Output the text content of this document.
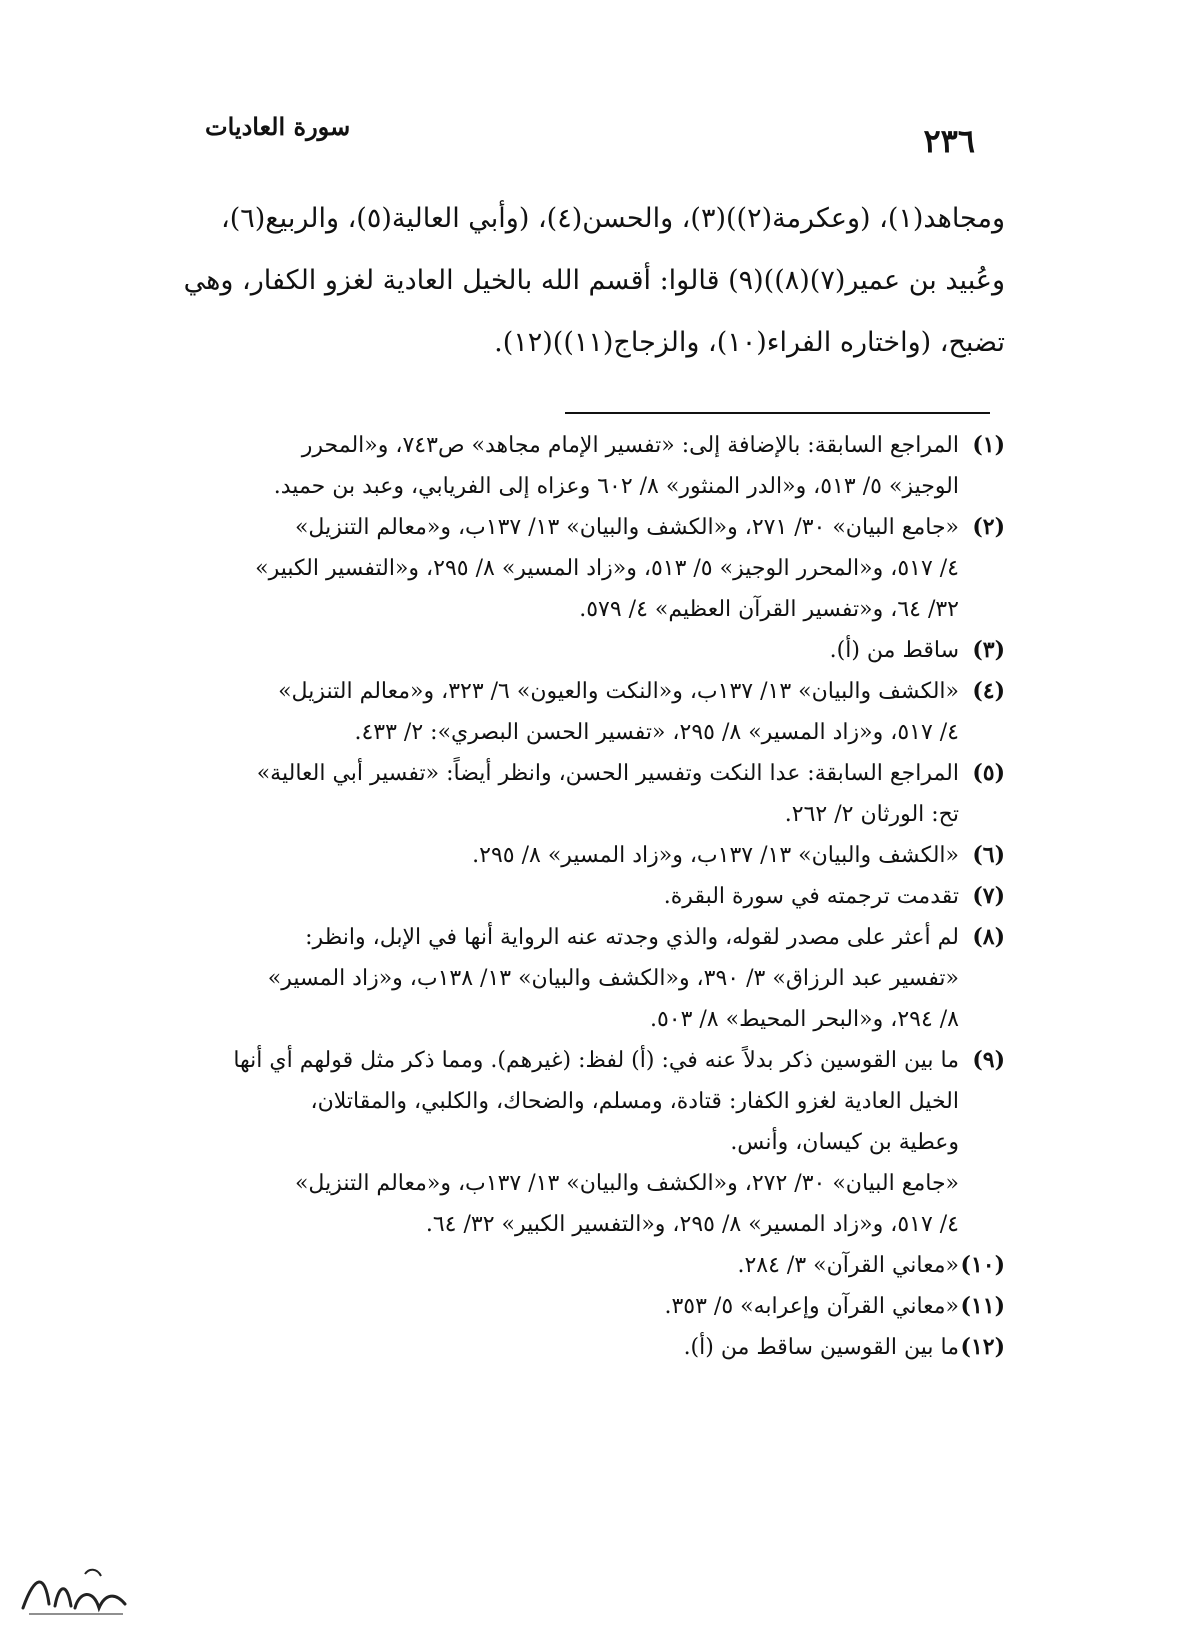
٢٣٦
سورة العاديات
ومجاهد(١)، (وعكرمة(٢))(٣)، والحسن(٤)، (وأبي العالية(٥)، والربيع(٦)،
وعُبيد بن عمير(٧)(٨))(٩) قالوا: أقسم الله بالخيل العادية لغزو الكفار، وهي
تضبح، (واختاره الفراء(١٠)، والزجاج(١١))(١٢).
(١)
المراجع السابقة: بالإضافة إلى: «تفسير الإمام مجاهد» ص٧٤٣، و«المحرر
الوجيز» ٥/ ٥١٣، و«الدر المنثور» ٨/ ٦٠٢ وعزاه إلى الفريابي، وعبد بن حميد.
(٢)
«جامع البيان» ٣٠/ ٢٧١، و«الكشف والبيان» ١٣/ ١٣٧ب، و«معالم التنزيل»
٤/ ٥١٧، و«المحرر الوجيز» ٥/ ٥١٣، و«زاد المسير» ٨/ ٢٩٥، و«التفسير الكبير»
٣٢/ ٦٤، و«تفسير القرآن العظيم» ٤/ ٥٧٩.
(٣)
ساقط من (أ).
(٤)
«الكشف والبيان» ١٣/ ١٣٧ب، و«النكت والعيون» ٦/ ٣٢٣، و«معالم التنزيل»
٤/ ٥١٧، و«زاد المسير» ٨/ ٢٩٥، «تفسير الحسن البصري»: ٢/ ٤٣٣.
(٥)
المراجع السابقة: عدا النكت وتفسير الحسن، وانظر أيضاً: «تفسير أبي العالية»
تح: الورثان ٢/ ٢٦٢.
(٦)
«الكشف والبيان» ١٣/ ١٣٧ب، و«زاد المسير» ٨/ ٢٩٥.
(٧)
تقدمت ترجمته في سورة البقرة.
(٨)
لم أعثر على مصدر لقوله، والذي وجدته عنه الرواية أنها في الإبل، وانظر:
«تفسير عبد الرزاق» ٣/ ٣٩٠، و«الكشف والبيان» ١٣/ ١٣٨ب، و«زاد المسير»
٨/ ٢٩٤، و«البحر المحيط» ٨/ ٥٠٣.
(٩)
ما بين القوسين ذكر بدلاً عنه في: (أ) لفظ: (غيرهم). ومما ذكر مثل قولهم أي أنها
الخيل العادية لغزو الكفار: قتادة، ومسلم، والضحاك، والكلبي، والمقاتلان،
وعطية بن كيسان، وأنس.
«جامع البيان» ٣٠/ ٢٧٢، و«الكشف والبيان» ١٣/ ١٣٧ب، و«معالم التنزيل»
٤/ ٥١٧، و«زاد المسير» ٨/ ٢٩٥، و«التفسير الكبير» ٣٢/ ٦٤.
(١٠)
«معاني القرآن» ٣/ ٢٨٤.
(١١)
«معاني القرآن وإعرابه» ٥/ ٣٥٣.
(١٢)
ما بين القوسين ساقط من (أ).
